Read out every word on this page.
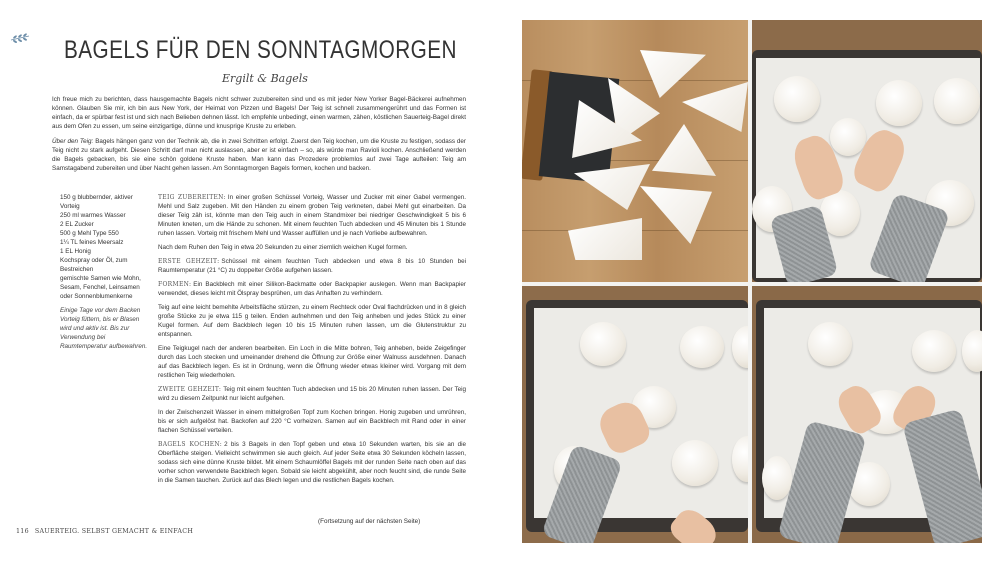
BAGELS FÜR DEN SONNTAGMORGEN
Ergilt & Bagels

Ich freue mich zu berichten, dass hausgemachte Bagels nicht schwer zuzubereiten sind und es mit jeder New Yorker Bagel-Bäckerei aufnehmen können. Glauben Sie mir, ich bin aus New York, der Heimat von Pizzen und Bagels! Der Teig ist schnell zusammengerührt und das Formen ist einfach, da er spürbar fest ist und sich nach Belieben dehnen lässt. Ich empfehle unbedingt, einen warmen, zähen, köstlichen Sauerteig-Bagel direkt aus dem Ofen zu essen, um seine einzigartige, dünne und knusprige Kruste zu erleben.

Über den Teig: Bagels hängen ganz von der Technik ab, die in zwei Schritten erfolgt. Zuerst den Teig kochen, um die Kruste zu festigen, sodass der Teig nicht zu stark aufgeht. Diesen Schritt darf man nicht auslassen, aber er ist einfach – so, als würde man Ravioli kochen. Anschließend werden die Bagels gebacken, bis sie eine schön goldene Kruste haben. Man kann das Prozedere problemlos auf zwei Tage aufteilen: Teig am Samstagabend zubereiten und über Nacht gehen lassen. Am Sonntagmorgen Bagels formen, kochen und backen.

150 g blubbernder, aktiver Vorteig
250 ml warmes Wasser
2 EL Zucker
500 g Mehl Type 550
1¼ TL feines Meersalz
1 EL Honig
Kochspray oder Öl, zum Bestreichen
gemischte Samen wie Mohn, Sesam, Fenchel, Leinsamen oder Sonnenblumenkerne

Einige Tage vor dem Backen Vorteig füttern, bis er Blasen wird und aktiv ist. Bis zur Verwendung bei Raumtemperatur aufbewahren.

TEIG ZUBEREITEN: In einer großen Schüssel Vorteig, Wasser und Zucker mit einer Gabel vermengen. Mehl und Salz zugeben. Mit den Händen zu einem groben Teig verkneten, dabei Mehl gut einarbeiten. Da dieser Teig zäh ist, könnte man den Teig auch in einem Standmixer bei niedriger Geschwindigkeit 5 bis 6 Minuten kneten, um die Hände zu schonen. Mit einem feuchten Tuch abdecken und 45 Minuten bis 1 Stunde ruhen lassen. Vorteig mit frischem Mehl und Wasser auffüllen und je nach Vorliebe aufbewahren.

Nach dem Ruhen den Teig in etwa 20 Sekunden zu einer ziemlich weichen Kugel formen.

ERSTE GEHZEIT: Schüssel mit einem feuchten Tuch abdecken und etwa 8 bis 10 Stunden bei Raumtemperatur (21 °C) zu doppelter Größe aufgehen lassen.

FORMEN: Ein Backblech mit einer Silikon-Backmatte oder Backpapier auslegen. Wenn man Backpapier verwendet, dieses leicht mit Ölspray besprühen, um das Anhaften zu verhindern.

Teig auf eine leicht bemehlte Arbeitsfläche stürzen, zu einem Rechteck oder Oval flachdrücken und in 8 gleich große Stücke zu je etwa 115 g teilen. Enden aufnehmen und den Teig anheben und jedes Stück zu einer Kugel formen. Auf dem Backblech legen 10 bis 15 Minuten ruhen lassen, um die Glutenstruktur zu entspannen.

Eine Teigkugel nach der anderen bearbeiten. Ein Loch in die Mitte bohren, Teig anheben, beide Zeigefinger durch das Loch stecken und umeinander drehend die Öffnung zur Größe einer Walnuss ausdehnen. Danach auf das Backblech legen. Es ist in Ordnung, wenn die Öffnung wieder etwas kleiner wird. Vorgang mit dem restlichen Teig wiederholen.

ZWEITE GEHZEIT: Teig mit einem feuchten Tuch abdecken und 15 bis 20 Minuten ruhen lassen. Der Teig wird zu diesem Zeitpunkt nur leicht aufgehen.

In der Zwischenzeit Wasser in einem mittelgroßen Topf zum Kochen bringen. Honig zugeben und umrühren, bis er sich aufgelöst hat. Backofen auf 220 °C vorheizen. Samen auf ein Backblech mit Rand oder in einer flachen Schüssel verteilen.

BAGELS KOCHEN: 2 bis 3 Bagels in den Topf geben und etwa 10 Sekunden warten, bis sie an die Oberfläche steigen. Vielleicht schwimmen sie auch gleich. Auf jeder Seite etwa 30 Sekunden köcheln lassen, sodass sich eine dünne Kruste bildet. Mit einem Schaumlöffel Bagels mit der runden Seite nach oben auf das vorher schon verwendete Backblech legen. Sobald sie leicht abgekühlt, aber noch feucht sind, die runde Seite in die Samen tauchen. Zurück auf das Blech legen und die restlichen Bagels kochen.

(Fortsetzung auf der nächsten Seite)
116 SAUERTEIG. SELBST GEMACHT & EINFACH
